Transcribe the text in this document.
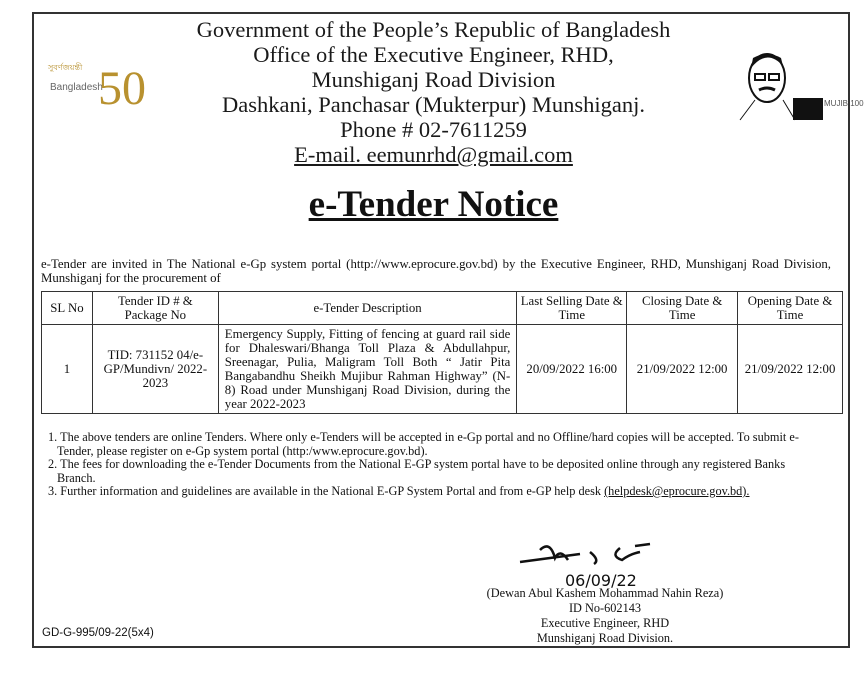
সুবর্ণজয়ন্তী
Bangladesh
50	MUJIB 100
Government of the People’s Republic of Bangladesh
Office of the Executive Engineer, RHD,
Munshiganj Road Division
Dashkani, Panchasar (Mukterpur) Munshiganj.
Phone # 02-7611259
E-mail. eemunrhd@gmail.com
e-Tender Notice
e-Tender are invited in The National e-Gp system portal (http://www.eprocure.gov.bd) by the Executive Engineer, RHD, Munshiganj Road Division, Munshiganj for the procurement of
SL No	Tender ID # & Package No	e-Tender Description	Last Selling Date & Time	Closing Date & Time	Opening Date & Time
1	TID: 731152 04/e-GP/Mundivn/ 2022-2023	Emergency Supply, Fitting of fencing at guard rail side for Dhaleswari/Bhanga Toll Plaza & Abdullahpur, Sreenagar, Pulia, Maligram Toll Both “ Jatir Pita Bangabandhu Sheikh Mujibur Rahman Highway” (N-8) Road under Munshiganj Road Division, during the year 2022-2023	20/09/2022 16:00	21/09/2022 12:00	21/09/2022 12:00
1. The above tenders are online Tenders. Where only e-Tenders will be accepted in e-Gp portal and no Offline/hard copies will be accepted. To submit e-Tender, please register on e-Gp system portal (http:/www.eprocure.gov.bd).
2. The fees for downloading the e-Tender Documents from the National E-GP system portal have to be deposited online through any registered Banks Branch.
3. Further information and guidelines are available in the National E-GP System Portal and from e-GP help desk (helpdesk@eprocure.gov.bd).
06/09/22
(Dewan Abul Kashem Mohammad Nahin Reza)
ID No-602143
Executive Engineer, RHD
Munshiganj Road Division.
GD-G-995/09-22(5x4)
